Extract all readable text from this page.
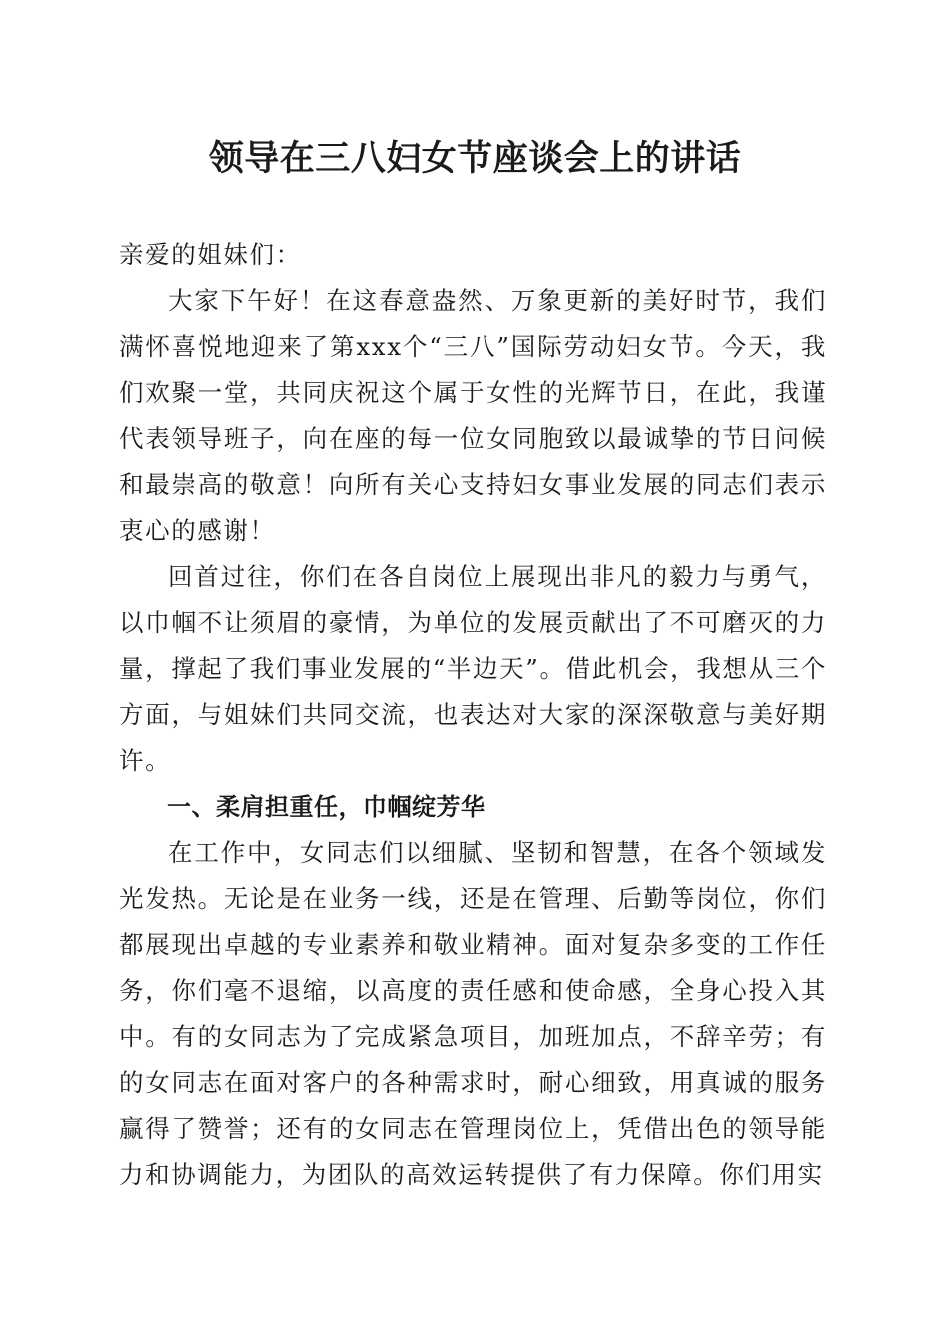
领导在三八妇女节座谈会上的讲话

亲爱的姐妹们：

大家下午好！在这春意盎然、万象更新的美好时节，我们满怀喜悦地迎来了第xxx个“三八”国际劳动妇女节。今天，我们欢聚一堂，共同庆祝这个属于女性的光辉节日，在此，我谨代表领导班子，向在座的每一位女同胞致以最诚挚的节日问候和最崇高的敬意！向所有关心支持妇女事业发展的同志们表示衷心的感谢！

回首过往，你们在各自岗位上展现出非凡的毅力与勇气，以巾帼不让须眉的豪情，为单位的发展贡献出了不可磨灭的力量，撑起了我们事业发展的“半边天”。借此机会，我想从三个方面，与姐妹们共同交流，也表达对大家的深深敬意与美好期许。

一、柔肩担重任，巾帼绽芳华

在工作中，女同志们以细腻、坚韧和智慧，在各个领域发光发热。无论是在业务一线，还是在管理、后勤等岗位，你们都展现出卓越的专业素养和敬业精神。面对复杂多变的工作任务，你们毫不退缩，以高度的责任感和使命感，全身心投入其中。有的女同志为了完成紧急项目，加班加点，不辞辛劳；有的女同志在面对客户的各种需求时，耐心细致，用真诚的服务赢得了赞誉；还有的女同志在管理岗位上，凭借出色的领导能力和协调能力，为团队的高效运转提供了有力保障。你们用实
